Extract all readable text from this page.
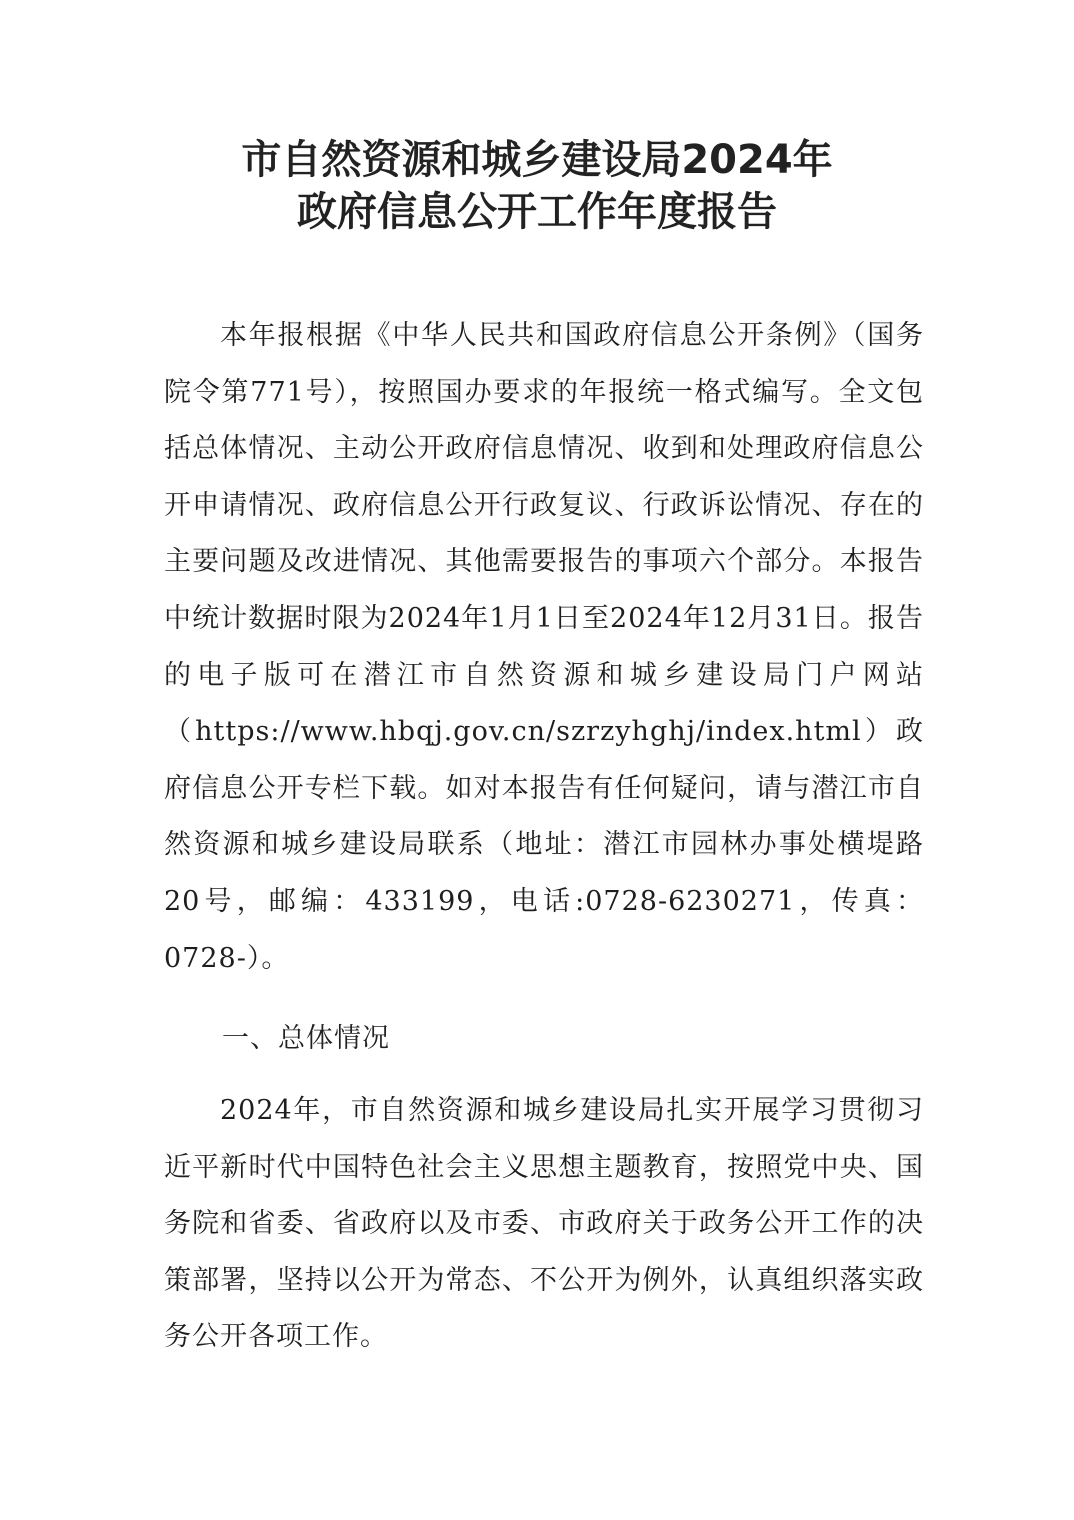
市自然资源和城乡建设局2024年
政府信息公开工作年度报告

本年报根据《中华人民共和国政府信息公开条例》（国务院令第771号），按照国办要求的年报统一格式编写。全文包括总体情况、主动公开政府信息情况、收到和处理政府信息公开申请情况、政府信息公开行政复议、行政诉讼情况、存在的主要问题及改进情况、其他需要报告的事项六个部分。本报告中统计数据时限为2024年1月1日至2024年12月31日。报告的电子版可在潜江市自然资源和城乡建设局门户网站（https://www.hbqj.gov.cn/szrzyhghj/index.html）政府信息公开专栏下载。如对本报告有任何疑问，请与潜江市自然资源和城乡建设局联系（地址：潜江市园林办事处横堤路20号，邮编：433199，电话:0728-6230271，传真：0728-）。

一、总体情况

2024年，市自然资源和城乡建设局扎实开展学习贯彻习近平新时代中国特色社会主义思想主题教育，按照党中央、国务院和省委、省政府以及市委、市政府关于政务公开工作的决策部署，坚持以公开为常态、不公开为例外，认真组织落实政务公开各项工作。
